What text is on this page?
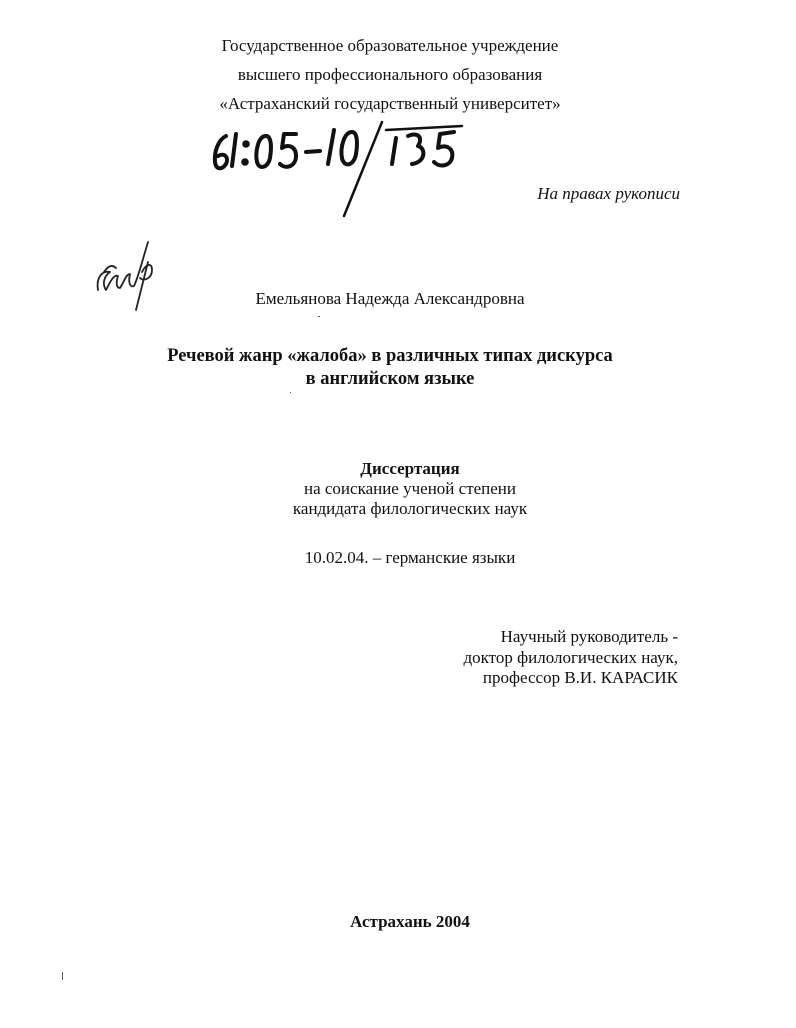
Государственное образовательное учреждение
высшего профессионального образования
«Астраханский государственный университет»
На правах рукописи
Емельянова Надежда Александровна
Речевой жанр «жалоба» в различных типах дискурса
в английском языке
Диссертация
на соискание ученой степени
кандидата филологических наук
10.02.04. – германские языки
Научный руководитель -
доктор филологических наук,
профессор В.И. КАРАСИК
Астрахань 2004
